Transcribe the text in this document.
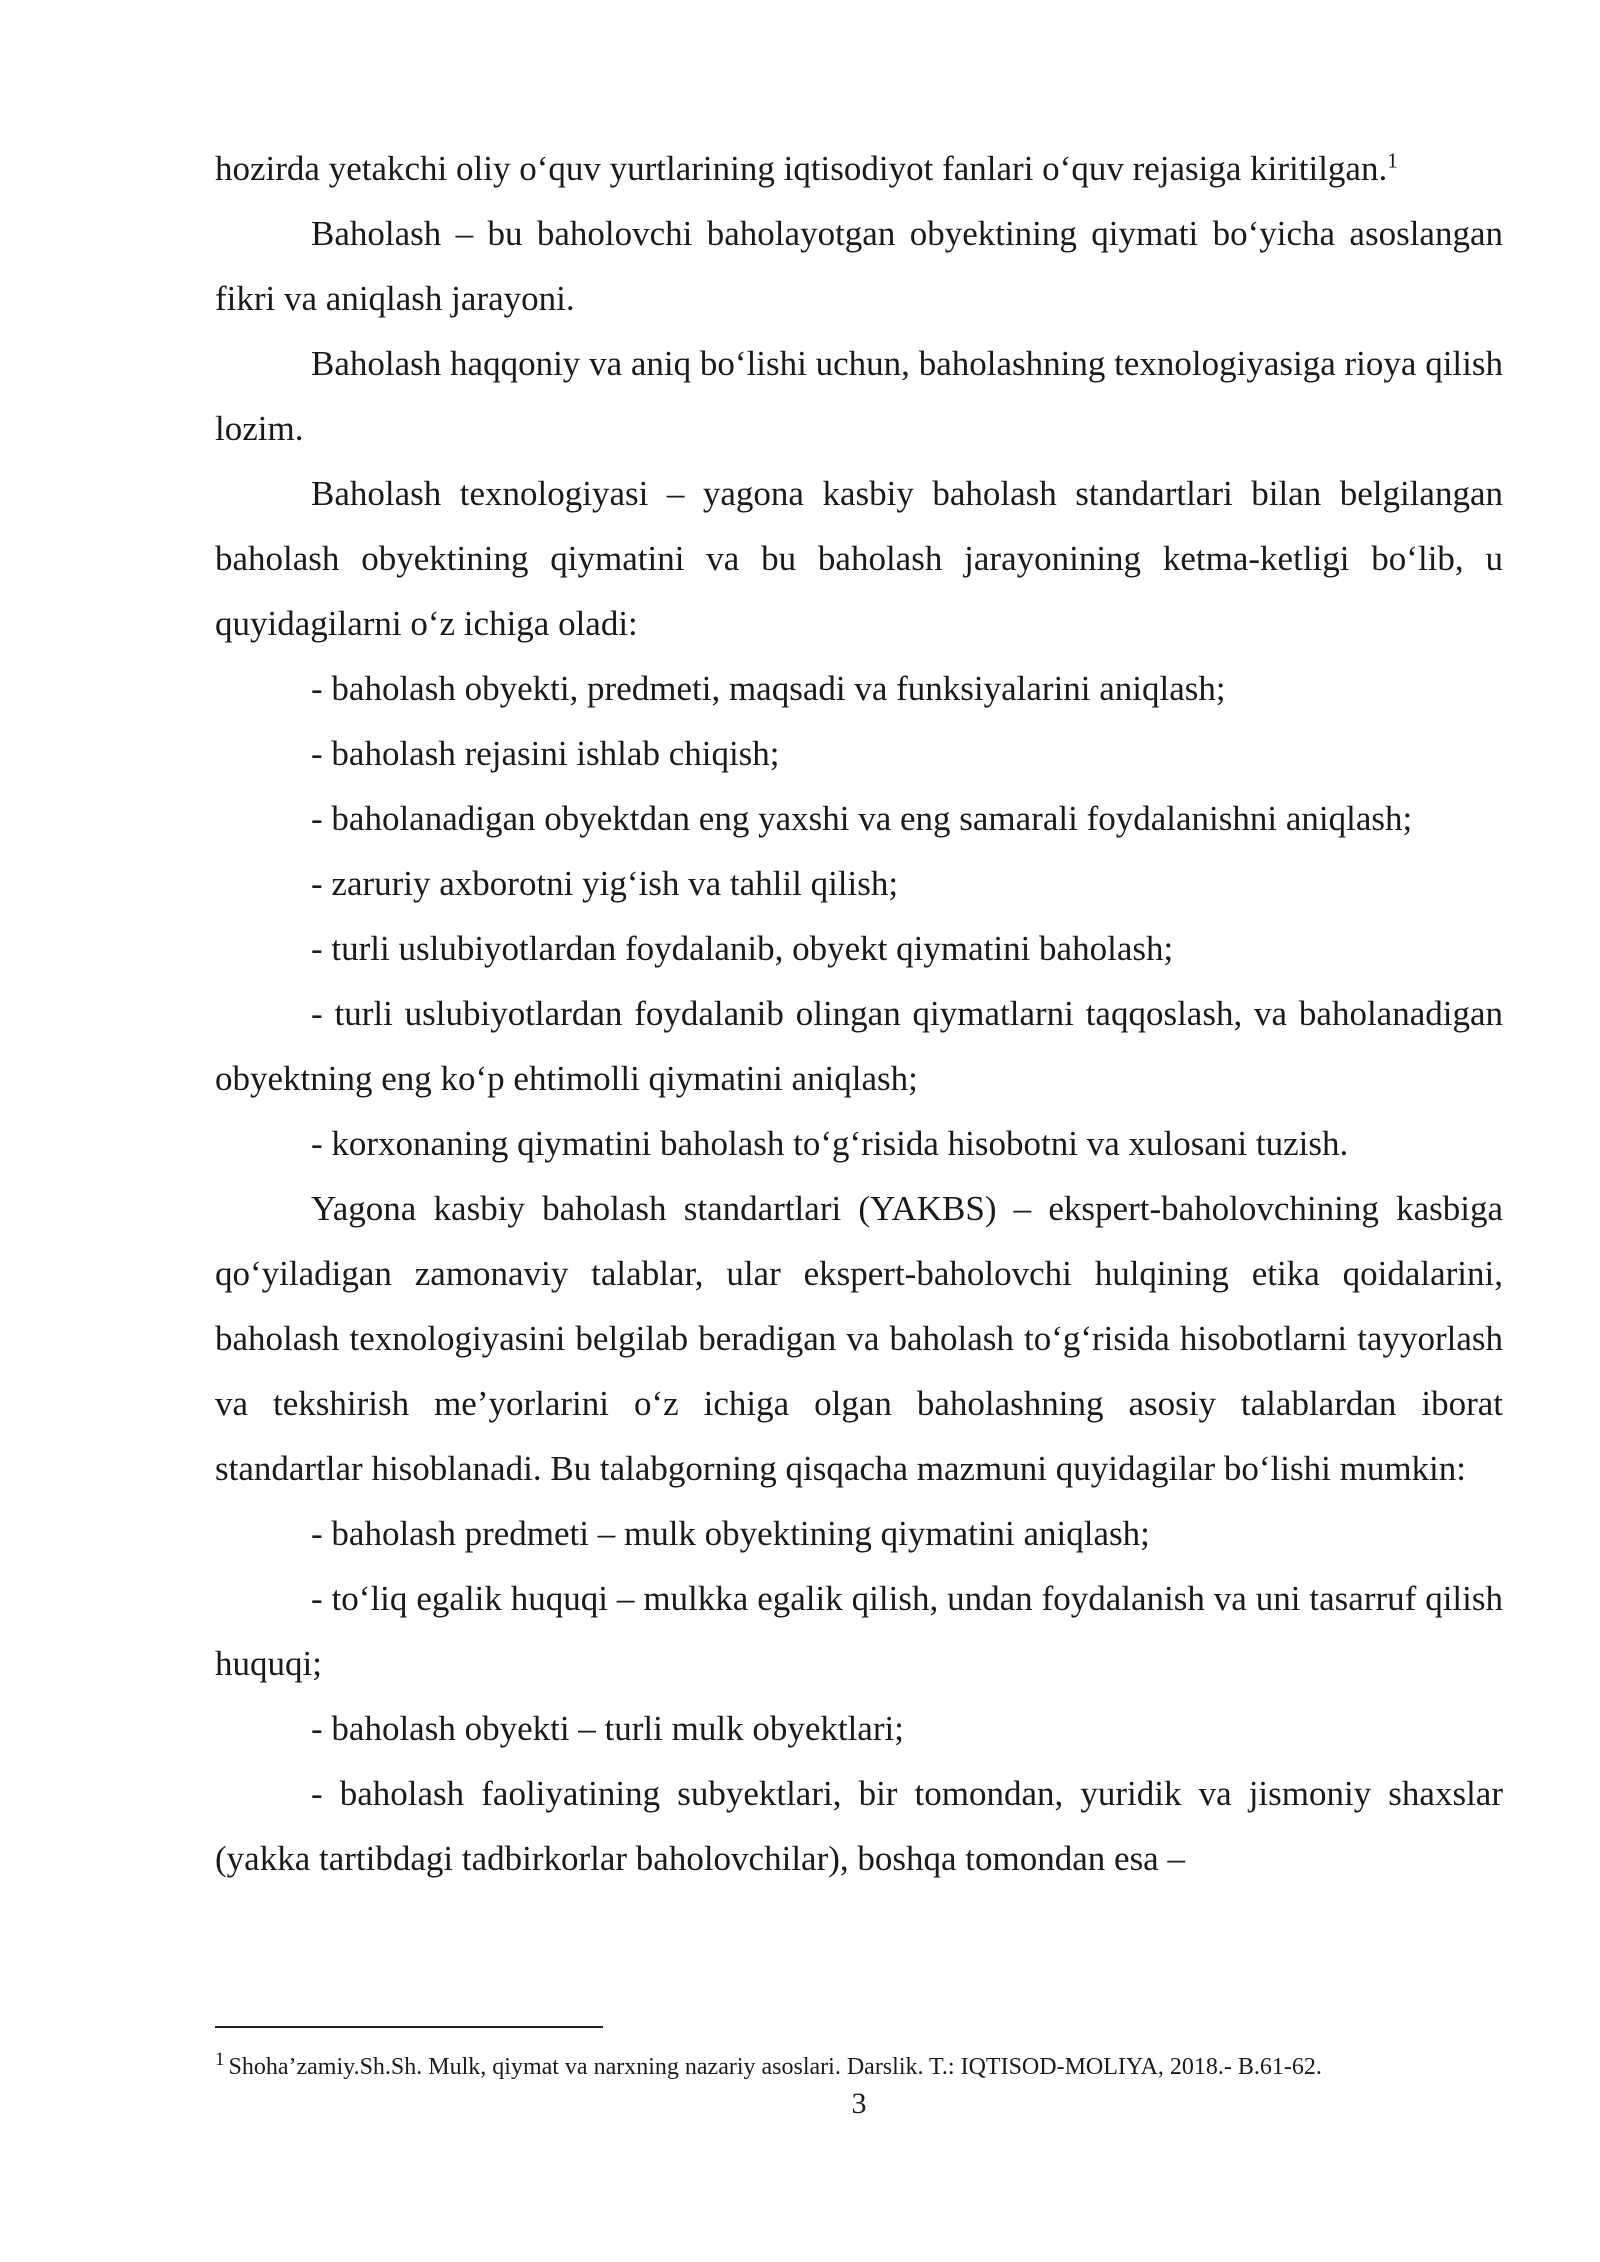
hozirda yetakchi oliy o‘quv yurtlarining iqtisodiyot fanlari o‘quv rejasiga kiritilgan.$^1$

Baholash – bu baholovchi baholayotgan obyektining qiymati bo‘yicha asoslangan fikri va aniqlash jarayoni.

Baholash haqqoniy va aniq bo‘lishi uchun, baholashning texnologiyasiga rioya qilish lozim.

Baholash texnologiyasi – yagona kasbiy baholash standartlari bilan belgilangan baholash obyektining qiymatini va bu baholash jarayonining ketma-ketligi bo‘lib, u quyidagilarni o‘z ichiga oladi:

- baholash obyekti, predmeti, maqsadi va funksiyalarini aniqlash;

- baholash rejasini ishlab chiqish;

- baholanadigan obyektdan eng yaxshi va eng samarali foydalanishni aniqlash;

- zaruriy axborotni yig‘ish va tahlil qilish;

- turli uslubiyotlardan foydalanib, obyekt qiymatini baholash;

- turli uslubiyotlardan foydalanib olingan qiymatlarni taqqoslash, va baholanadigan obyektning eng ko‘p ehtimolli qiymatini aniqlash;

- korxonaning qiymatini baholash to‘g‘risida hisobotni va xulosani tuzish.

Yagona kasbiy baholash standartlari (YAKBS) – ekspert-baholovchining kasbiga qo‘yiladigan zamonaviy talablar, ular ekspert-baholovchi hulqining etika qoidalarini, baholash texnologiyasini belgilab beradigan va baholash to‘g‘risida hisobotlarni tayyorlash va tekshirish me’yorlarini o‘z ichiga olgan baholashning asosiy talablardan iborat standartlar hisoblanadi. Bu talabgorning qisqacha mazmuni quyidagilar bo‘lishi mumkin:

- baholash predmeti – mulk obyektining qiymatini aniqlash;

- to‘liq egalik huquqi – mulkka egalik qilish, undan foydalanish va uni tasarruf qilish huquqi;

- baholash obyekti – turli mulk obyektlari;

- baholash faoliyatining subyektlari, bir tomondan, yuridik va jismoniy shaxslar (yakka tartibdagi tadbirkorlar baholovchilar), boshqa tomondan esa –

$^1$ Shoha’zamiy.Sh.Sh. Mulk, qiymat va narxning nazariy asoslari. Darslik. T.: IQTISOD-MOLIYA, 2018.- B.61-62.
3
